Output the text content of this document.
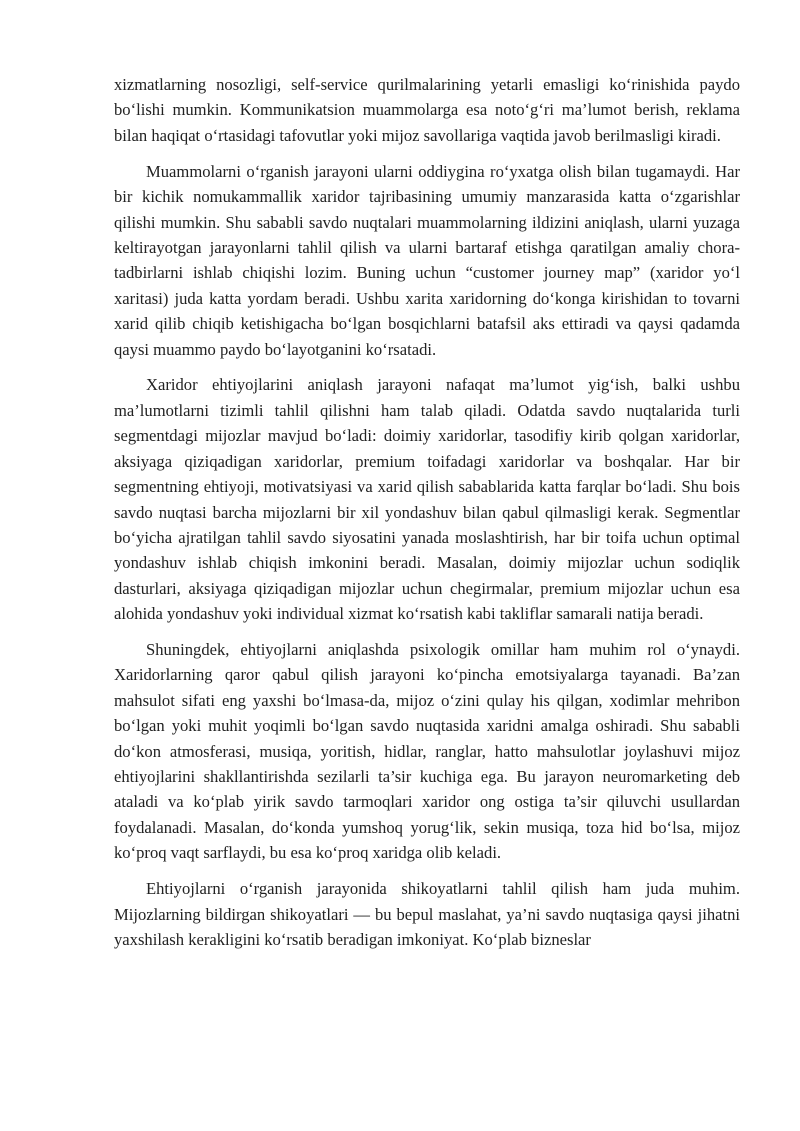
xizmatlarning nosozligi, self-service qurilmalarining yetarli emasligi ko‘rinishida paydo bo‘lishi mumkin. Kommunikatsion muammolarga esa noto‘g‘ri ma’lumot berish, reklama bilan haqiqat o‘rtasidagi tafovutlar yoki mijoz savollariga vaqtida javob berilmasligi kiradi.

Muammolarni o‘rganish jarayoni ularni oddiygina ro‘yxatga olish bilan tugamaydi. Har bir kichik nomukammallik xaridor tajribasining umumiy manzarasida katta o‘zgarishlar qilishi mumkin. Shu sababli savdo nuqtalari muammolarning ildizini aniqlash, ularni yuzaga keltirayotgan jarayonlarni tahlil qilish va ularni bartaraf etishga qaratilgan amaliy chora-tadbirlarni ishlab chiqishi lozim. Buning uchun “customer journey map” (xaridor yo‘l xaritasi) juda katta yordam beradi. Ushbu xarita xaridorning do‘konga kirishidan to tovarni xarid qilib chiqib ketishigacha bo‘lgan bosqichlarni batafsil aks ettiradi va qaysi qadamda qaysi muammo paydo bo‘layotganini ko‘rsatadi.

Xaridor ehtiyojlarini aniqlash jarayoni nafaqat ma’lumot yig‘ish, balki ushbu ma’lumotlarni tizimli tahlil qilishni ham talab qiladi. Odatda savdo nuqtalarida turli segmentdagi mijozlar mavjud bo‘ladi: doimiy xaridorlar, tasodifiy kirib qolgan xaridorlar, aksiyaga qiziqadigan xaridorlar, premium toifadagi xaridorlar va boshqalar. Har bir segmentning ehtiyoji, motivatsiyasi va xarid qilish sabablarida katta farqlar bo‘ladi. Shu bois savdo nuqtasi barcha mijozlarni bir xil yondashuv bilan qabul qilmasligi kerak. Segmentlar bo‘yicha ajratilgan tahlil savdo siyosatini yanada moslashtirish, har bir toifa uchun optimal yondashuv ishlab chiqish imkonini beradi. Masalan, doimiy mijozlar uchun sodiqlik dasturlari, aksiyaga qiziqadigan mijozlar uchun chegirmalar, premium mijozlar uchun esa alohida yondashuv yoki individual xizmat ko‘rsatish kabi takliflar samarali natija beradi.

Shuningdek, ehtiyojlarni aniqlashda psixologik omillar ham muhim rol o‘ynaydi. Xaridorlarning qaror qabul qilish jarayoni ko‘pincha emotsiyalarga tayanadi. Ba’zan mahsulot sifati eng yaxshi bo‘lmasa-da, mijoz o‘zini qulay his qilgan, xodimlar mehribon bo‘lgan yoki muhit yoqimli bo‘lgan savdo nuqtasida xaridni amalga oshiradi. Shu sababli do‘kon atmosferasi, musiqa, yoritish, hidlar, ranglar, hatto mahsulotlar joylashuvi mijoz ehtiyojlarini shakllantirishda sezilarli ta’sir kuchiga ega. Bu jarayon neuromarketing deb ataladi va ko‘plab yirik savdo tarmoqlari xaridor ong ostiga ta’sir qiluvchi usullardan foydalanadi. Masalan, do‘konda yumshoq yorug‘lik, sekin musiqa, toza hid bo‘lsa, mijoz ko‘proq vaqt sarflaydi, bu esa ko‘proq xaridga olib keladi.

Ehtiyojlarni o‘rganish jarayonida shikoyatlarni tahlil qilish ham juda muhim. Mijozlarning bildirgan shikoyatlari — bu bepul maslahat, ya’ni savdo nuqtasiga qaysi jihatni yaxshilash kerakligini ko‘rsatib beradigan imkoniyat. Ko‘plab bizneslar
